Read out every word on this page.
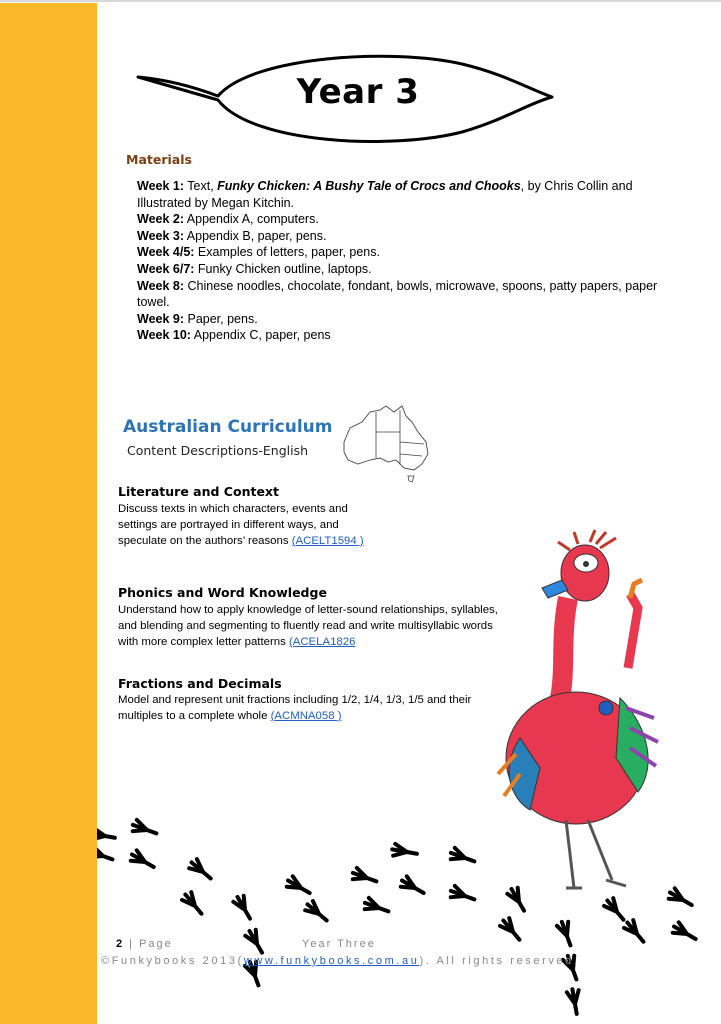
Year 3
Materials
Week 1: Text, Funky Chicken: A Bushy Tale of Crocs and Chooks, by Chris Collin and Illustrated by Megan Kitchin.
Week 2: Appendix A, computers.
Week 3: Appendix B, paper, pens.
Week 4/5: Examples of letters, paper, pens.
Week 6/7: Funky Chicken outline, laptops.
Week 8: Chinese noodles, chocolate, fondant, bowls, microwave, spoons, patty papers, paper towel.
Week 9: Paper, pens.
Week 10: Appendix C, paper, pens
Australian Curriculum
Content Descriptions-English
Literature and Context
Discuss texts in which characters, events and settings are portrayed in different ways, and speculate on the authors’ reasons (ACELT1594 )
Phonics and Word Knowledge
Understand how to apply knowledge of letter-sound relationships, syllables, and blending and segmenting to fluently read and write multisyllabic words with more complex letter patterns (ACELA1826
Fractions and Decimals
Model and represent unit fractions including 1/2, 1/4, 1/3, 1/5 and their multiples to a complete whole (ACMNA058 )
2 | Page	Year Three
©Funkybooks 2013(www.funkybooks.com.au). All rights reserved.
